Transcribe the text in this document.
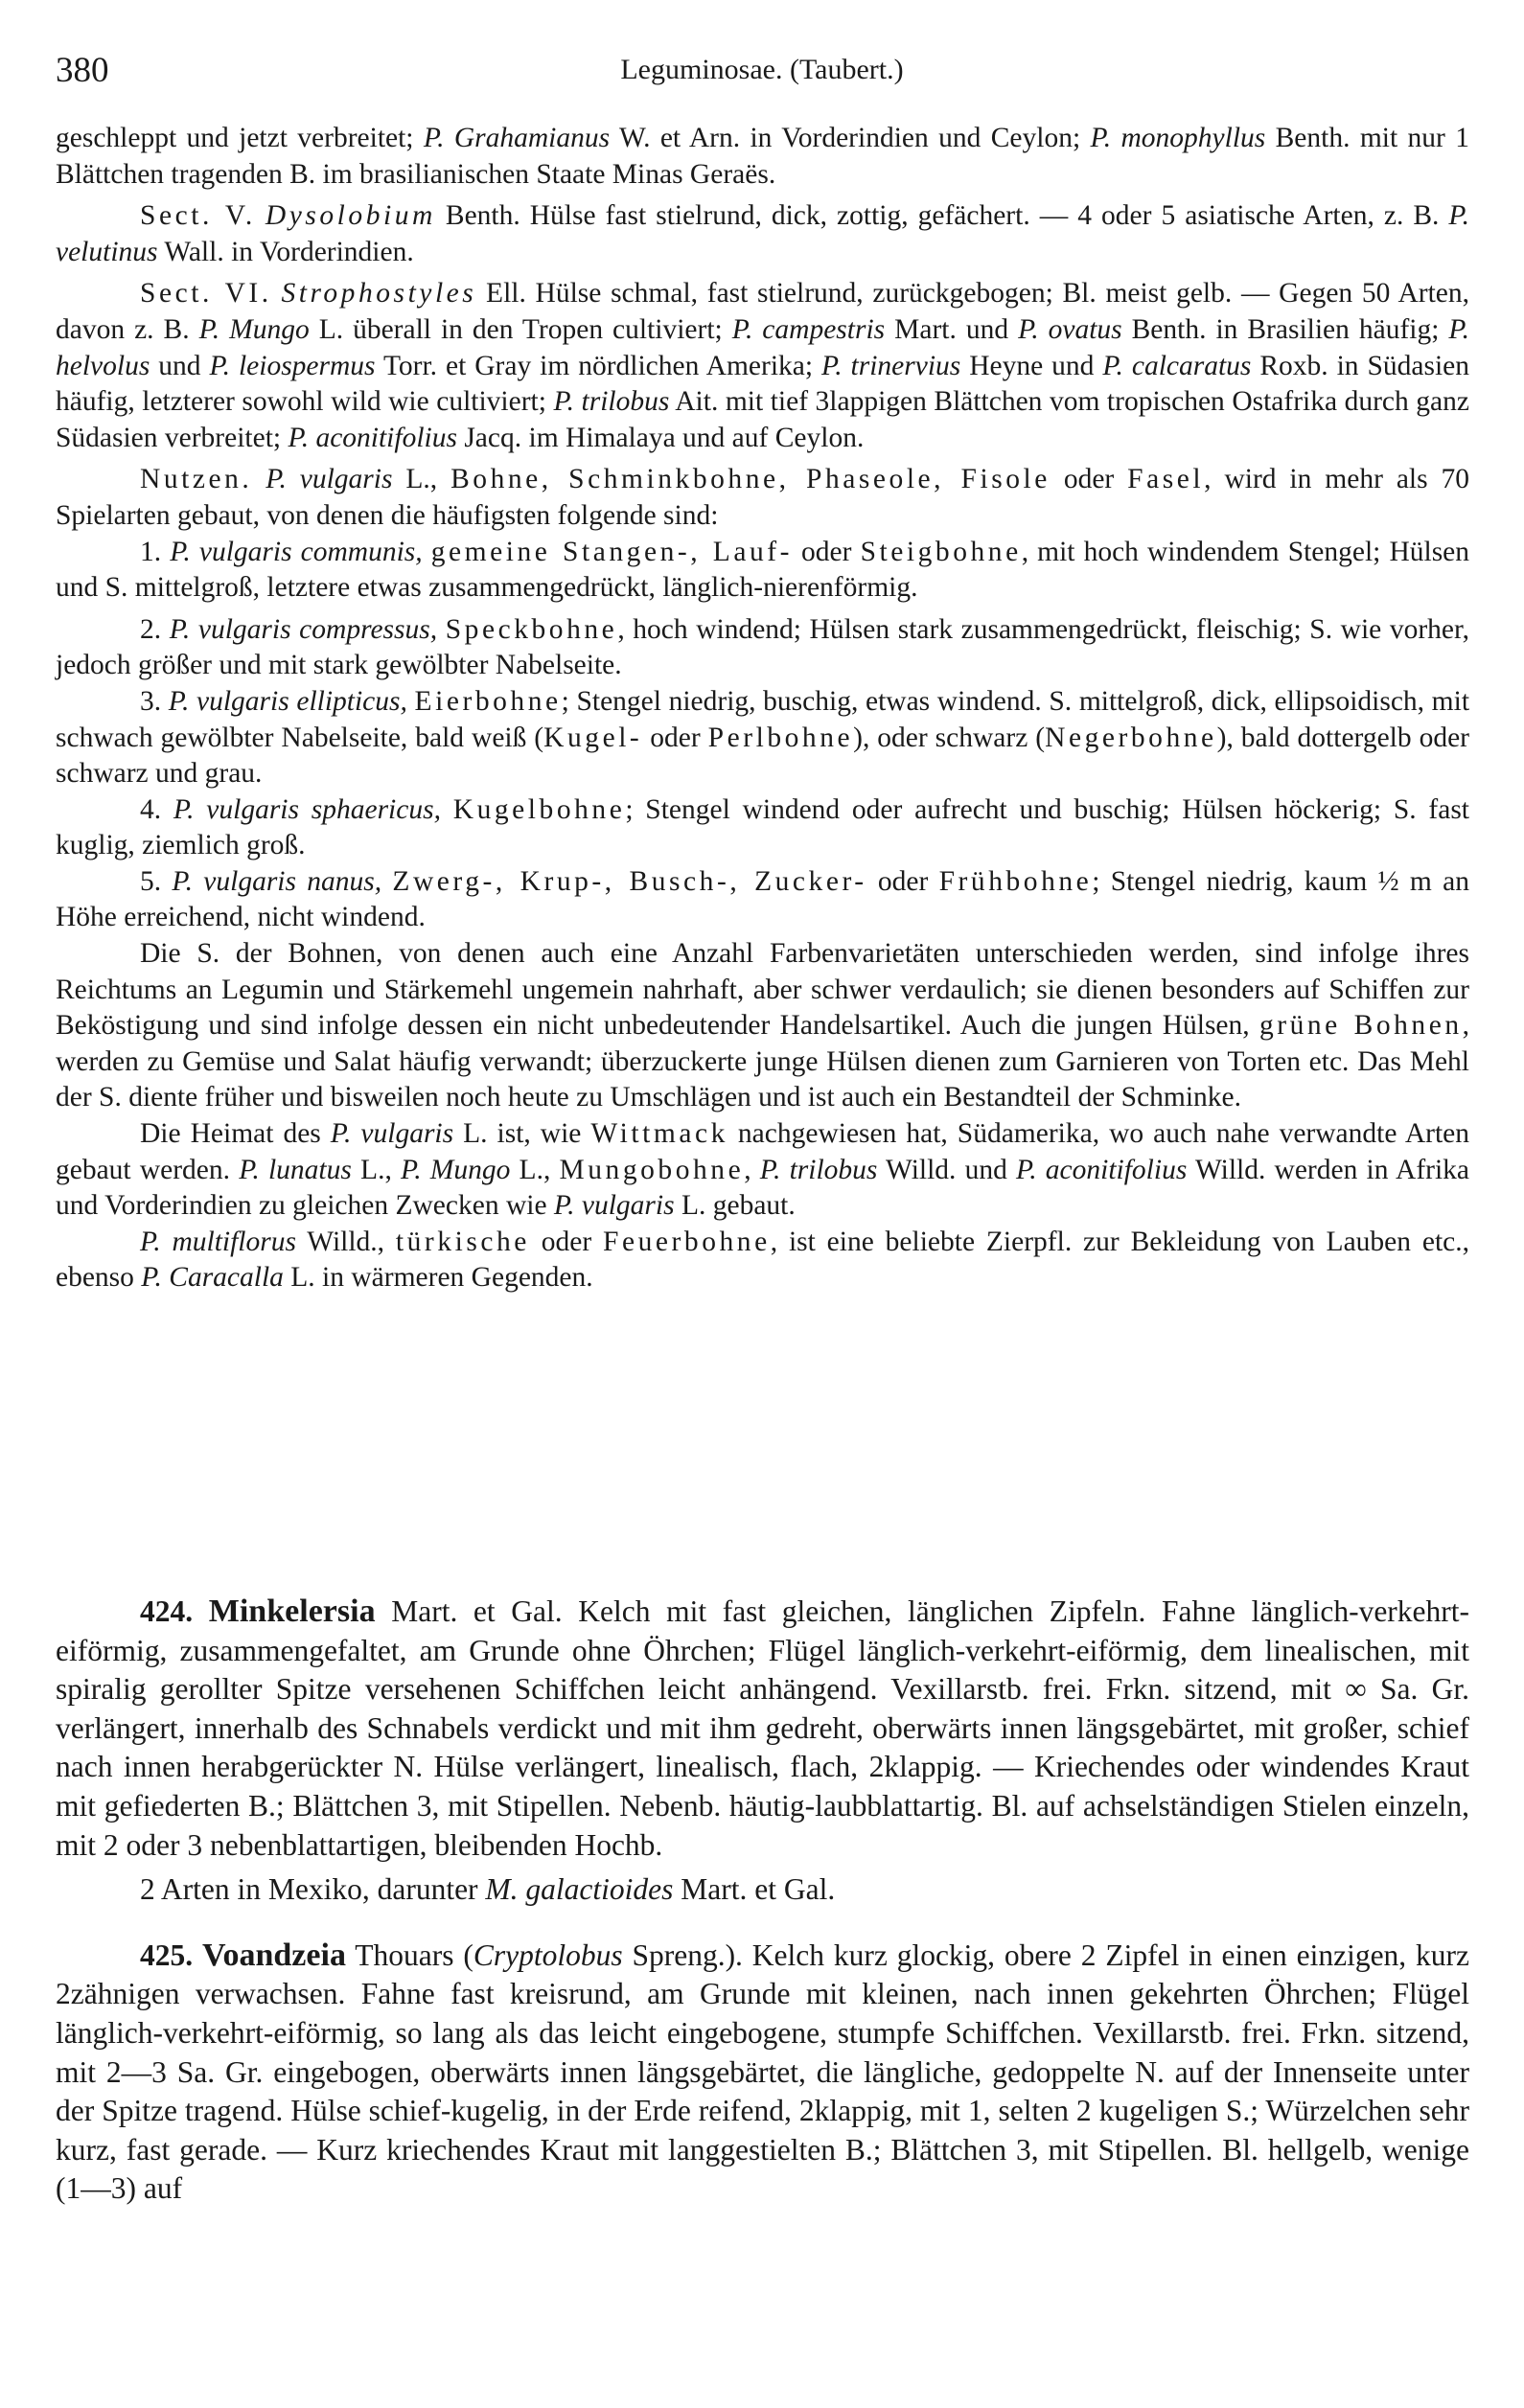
380	Leguminosae. (Taubert.)

geschleppt und jetzt verbreitet; P. Grahamianus W. et Arn. in Vorderindien und Ceylon; P. monophyllus Benth. mit nur 1 Blättchen tragenden B. im brasilianischen Staate Minas Geraës.

Sect. V. Dysolobium Benth. Hülse fast stielrund, dick, zottig, gefächert. — 4 oder 5 asiatische Arten, z. B. P. velutinus Wall. in Vorderindien.

Sect. VI. Strophostyles Ell. Hülse schmal, fast stielrund, zurückgebogen; Bl. meist gelb. — Gegen 50 Arten, davon z. B. P. Mungo L. überall in den Tropen cultiviert; P. campestris Mart. und P. ovatus Benth. in Brasilien häufig; P. helvolus und P. leiospermus Torr. et Gray im nördlichen Amerika; P. trinervius Heyne und P. calcaratus Roxb. in Südasien häufig, letzterer sowohl wild wie cultiviert; P. trilobus Ait. mit tief 3lappigen Blättchen vom tropischen Ostafrika durch ganz Südasien verbreitet; P. aconitifolius Jacq. im Himalaya und auf Ceylon.

Nutzen. P. vulgaris L., Bohne, Schminkbohne, Phaseole, Fisole oder Fasel, wird in mehr als 70 Spielarten gebaut, von denen die häufigsten folgende sind:

1. P. vulgaris communis, gemeine Stangen-, Lauf- oder Steigbohne, mit hoch windendem Stengel; Hülsen und S. mittelgroß, letztere etwas zusammengedrückt, länglich-nierenförmig.

2. P. vulgaris compressus, Speckbohne, hoch windend; Hülsen stark zusammengedrückt, fleischig; S. wie vorher, jedoch größer und mit stark gewölbter Nabelseite.

3. P. vulgaris ellipticus, Eierbohne; Stengel niedrig, buschig, etwas windend. S. mittelgroß, dick, ellipsoidisch, mit schwach gewölbter Nabelseite, bald weiß (Kugel- oder Perlbohne), oder schwarz (Negerbohne), bald dottergelb oder schwarz und grau.

4. P. vulgaris sphaericus, Kugelbohne; Stengel windend oder aufrecht und buschig; Hülsen höckerig; S. fast kuglig, ziemlich groß.

5. P. vulgaris nanus, Zwerg-, Krup-, Busch-, Zucker- oder Frühbohne; Stengel niedrig, kaum ½ m an Höhe erreichend, nicht windend.

Die S. der Bohnen, von denen auch eine Anzahl Farbenvarietäten unterschieden werden, sind infolge ihres Reichtums an Legumin und Stärkemehl ungemein nahrhaft, aber schwer verdaulich; sie dienen besonders auf Schiffen zur Beköstigung und sind infolge dessen ein nicht unbedeutender Handelsartikel. Auch die jungen Hülsen, grüne Bohnen, werden zu Gemüse und Salat häufig verwandt; überzuckerte junge Hülsen dienen zum Garnieren von Torten etc. Das Mehl der S. diente früher und bisweilen noch heute zu Umschlägen und ist auch ein Bestandteil der Schminke.

Die Heimat des P. vulgaris L. ist, wie Wittmack nachgewiesen hat, Südamerika, wo auch nahe verwandte Arten gebaut werden. P. lunatus L., P. Mungo L., Mungobohne, P. trilobus Willd. und P. aconitifolius Willd. werden in Afrika und Vorderindien zu gleichen Zwecken wie P. vulgaris L. gebaut.

P. multiflorus Willd., türkische oder Feuerbohne, ist eine beliebte Zierpfl. zur Bekleidung von Lauben etc., ebenso P. Caracalla L. in wärmeren Gegenden.

424. Minkelersia Mart. et Gal. Kelch mit fast gleichen, länglichen Zipfeln. Fahne länglich-verkehrt-eiförmig, zusammengefaltet, am Grunde ohne Öhrchen; Flügel länglich-verkehrt-eiförmig, dem linealischen, mit spiralig gerollter Spitze versehenen Schiffchen leicht anhängend. Vexillarstb. frei. Frkn. sitzend, mit ∞ Sa. Gr. verlängert, innerhalb des Schnabels verdickt und mit ihm gedreht, oberwärts innen längsgebärtet, mit großer, schief nach innen herabgerückter N. Hülse verlängert, linealisch, flach, 2klappig. — Kriechendes oder windendes Kraut mit gefiederten B.; Blättchen 3, mit Stipellen. Nebenb. häutig-laubblattartig. Bl. auf achselständigen Stielen einzeln, mit 2 oder 3 nebenblattartigen, bleibenden Hochb.

2 Arten in Mexiko, darunter M. galactioides Mart. et Gal.

425. Voandzeia Thouars (Cryptolobus Spreng.). Kelch kurz glockig, obere 2 Zipfel in einen einzigen, kurz 2zähnigen verwachsen. Fahne fast kreisrund, am Grunde mit kleinen, nach innen gekehrten Öhrchen; Flügel länglich-verkehrt-eiförmig, so lang als das leicht eingebogene, stumpfe Schiffchen. Vexillarstb. frei. Frkn. sitzend, mit 2—3 Sa. Gr. eingebogen, oberwärts innen längsgebärtet, die längliche, gedoppelte N. auf der Innenseite unter der Spitze tragend. Hülse schief-kugelig, in der Erde reifend, 2klappig, mit 1, selten 2 kugeligen S.; Würzelchen sehr kurz, fast gerade. — Kurz kriechendes Kraut mit langgestielten B.; Blättchen 3, mit Stipellen. Bl. hellgelb, wenige (1—3) auf
